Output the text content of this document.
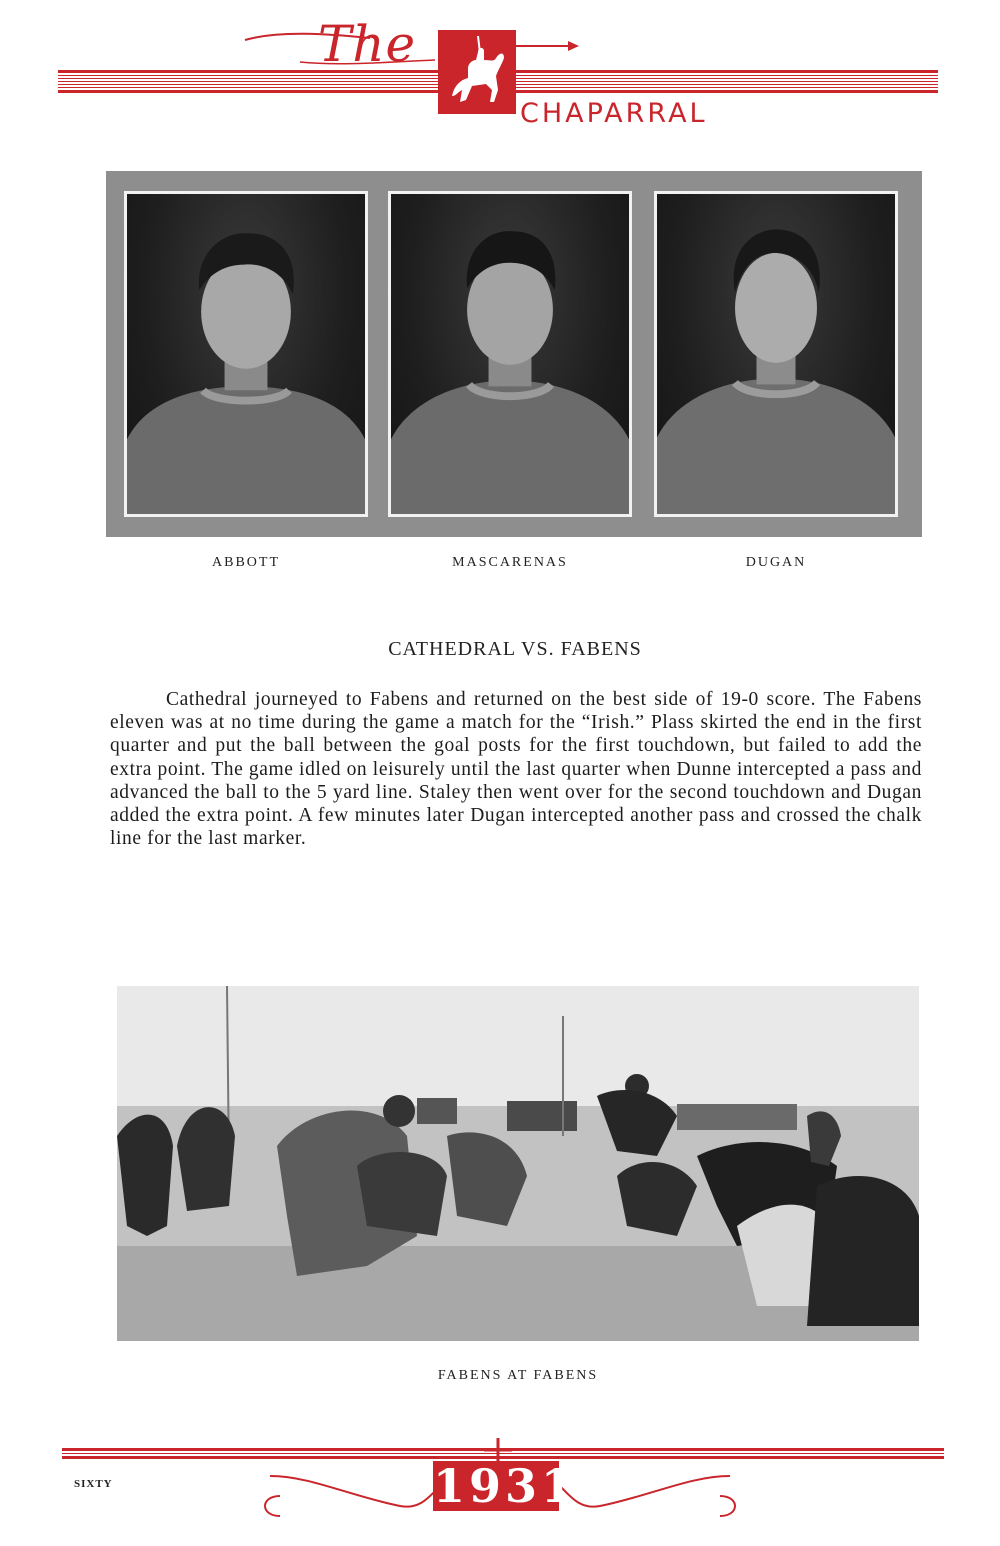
The
CHAPARRAL
ABBOTT	MASCARENAS	DUGAN
CATHEDRAL VS. FABENS

Cathedral journeyed to Fabens and returned on the best side of 19-0 score. The Fabens eleven was at no time during the game a match for the “Irish.” Plass skirted the end in the first quarter and put the ball between the goal posts for the first touchdown, but failed to add the extra point. The game idled on leisurely until the last quarter when Dunne intercepted a pass and advanced the ball to the 5 yard line. Staley then went over for the second touchdown and Dugan added the extra point. A few minutes later Dugan intercepted another pass and crossed the chalk line for the last marker.

FABENS AT FABENS
SIXTY	1931
